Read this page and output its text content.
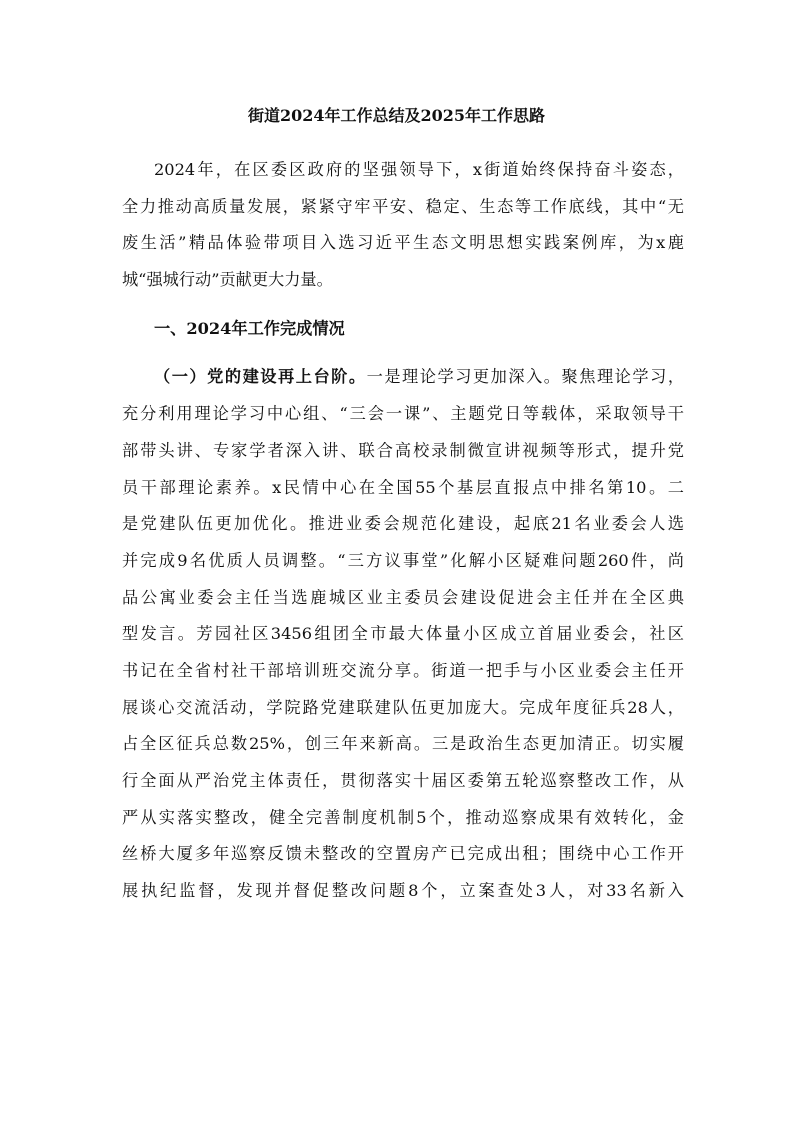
街道2024年工作总结及2025年工作思路
2024年，在区委区政府的坚强领导下，x街道始终保持奋斗姿态，
全力推动高质量发展，紧紧守牢平安、稳定、生态等工作底线，其中“无
废生活”精品体验带项目入选习近平生态文明思想实践案例库，为x鹿
城“强城行动”贡献更大力量。
一、2024年工作完成情况
（一）党的建设再上台阶。一是理论学习更加深入。聚焦理论学习，
充分利用理论学习中心组、“三会一课”、主题党日等载体，采取领导干
部带头讲、专家学者深入讲、联合高校录制微宣讲视频等形式，提升党
员干部理论素养。x民情中心在全国55个基层直报点中排名第10。二
是党建队伍更加优化。推进业委会规范化建设，起底21名业委会人选
并完成9名优质人员调整。“三方议事堂”化解小区疑难问题260件，尚
品公寓业委会主任当选鹿城区业主委员会建设促进会主任并在全区典
型发言。芳园社区3456组团全市最大体量小区成立首届业委会，社区
书记在全省村社干部培训班交流分享。街道一把手与小区业委会主任开
展谈心交流活动，学院路党建联建队伍更加庞大。完成年度征兵28人，
占全区征兵总数25%，创三年来新高。三是政治生态更加清正。切实履
行全面从严治党主体责任，贯彻落实十届区委第五轮巡察整改工作，从
严从实落实整改，健全完善制度机制5个，推动巡察成果有效转化，金
丝桥大厦多年巡察反馈未整改的空置房产已完成出租；围绕中心工作开
展执纪监督，发现并督促整改问题8个，立案查处3人，对33名新入
